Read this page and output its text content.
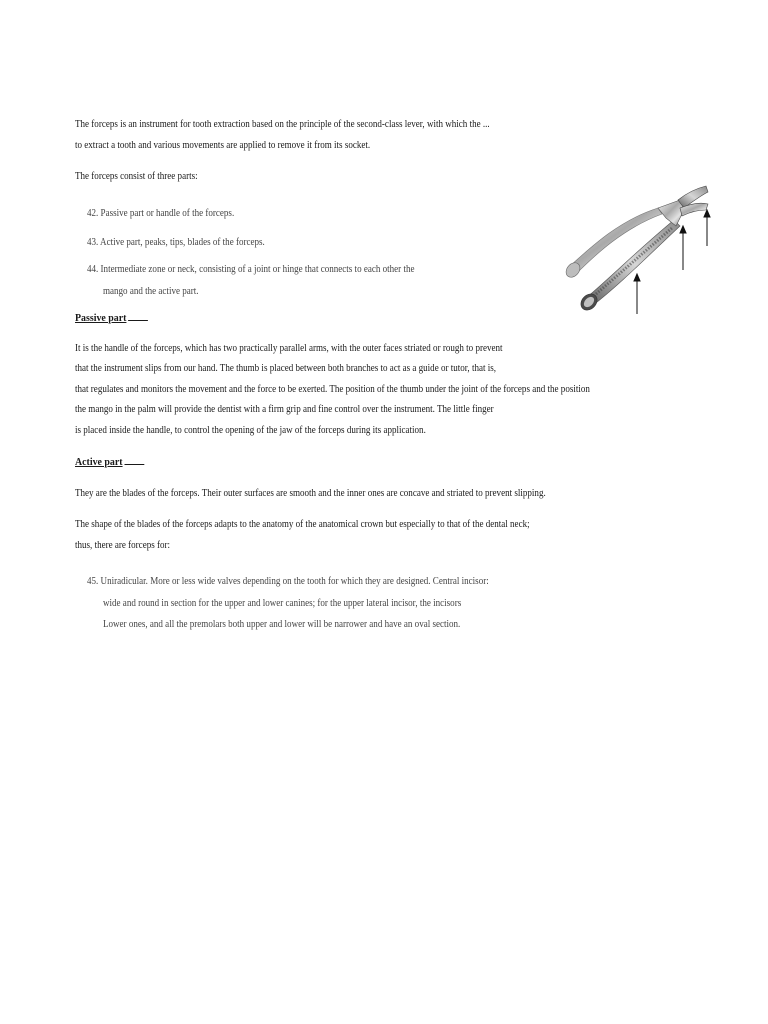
The forceps is an instrument for tooth extraction based on the principle of the second-class lever, with which the ...
to extract a tooth and various movements are applied to remove it from its socket.
The forceps consist of three parts:
42. Passive part or handle of the forceps.
43. Active part, peaks, tips, blades of the forceps.
44. Intermediate zone or neck, consisting of a joint or hinge that connects to each other the
mango and the active part.
Passive part
It is the handle of the forceps, which has two practically parallel arms, with the outer faces striated or rough to prevent
that the instrument slips from our hand. The thumb is placed between both branches to act as a guide or tutor, that is,
that regulates and monitors the movement and the force to be exerted. The position of the thumb under the joint of the forceps and the position
the mango in the palm will provide the dentist with a firm grip and fine control over the instrument. The little finger
is placed inside the handle, to control the opening of the jaw of the forceps during its application.
Active part
They are the blades of the forceps. Their outer surfaces are smooth and the inner ones are concave and striated to prevent slipping.
The shape of the blades of the forceps adapts to the anatomy of the anatomical crown but especially to that of the dental neck;
thus, there are forceps for:
45. Uniradicular. More or less wide valves depending on the tooth for which they are designed. Central incisor:
wide and round in section for the upper and lower canines; for the upper lateral incisor, the incisors
Lower ones, and all the premolars both upper and lower will be narrower and have an oval section.
